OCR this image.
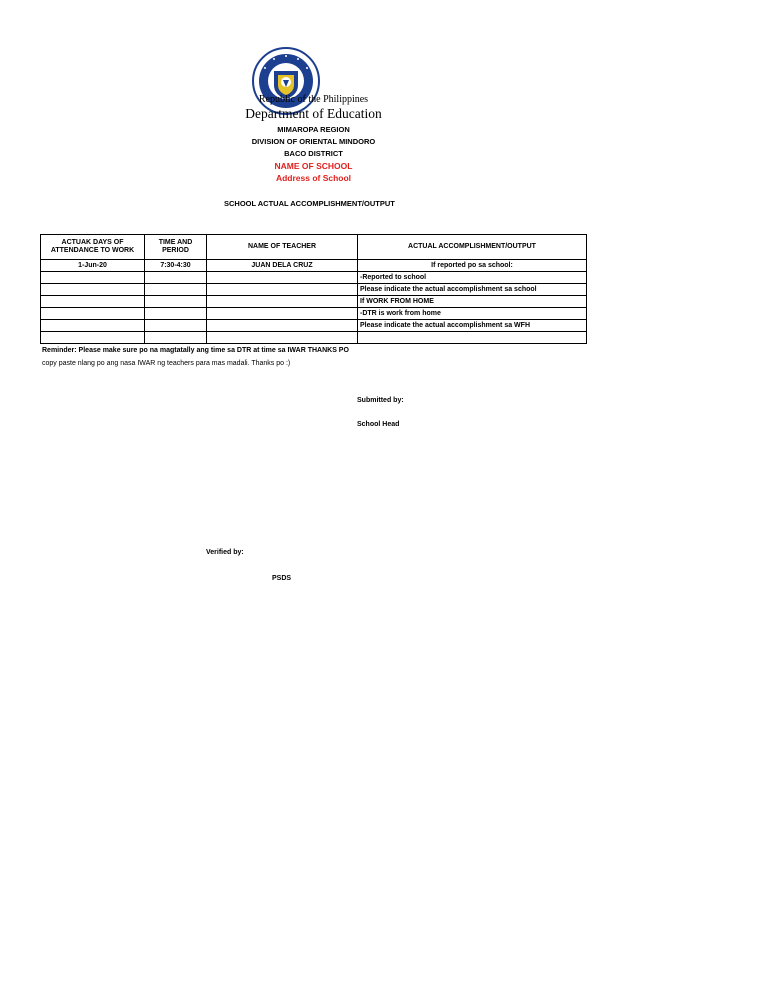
Republic of the Philippines
Department of Education
MIMAROPA REGION
DIVISION OF ORIENTAL MINDORO
BACO DISTRICT
NAME OF SCHOOL
Address of School
SCHOOL ACTUAL ACCOMPLISHMENT/OUTPUT
ACTUAK DAYS OF ATTENDANCE TO WORK	TIME AND PERIOD	NAME OF TEACHER	ACTUAL ACCOMPLISHMENT/OUTPUT
1-Jun-20	7:30-4:30	JUAN DELA CRUZ	If reported po sa school:
			-Reported to school
			Please indicate the actual accomplishment sa school
			If WORK FROM HOME
			-DTR is work from home
			Please indicate the actual accomplishment sa WFH

Reminder: Please make sure po na magtatally ang time sa DTR at time sa IWAR THANKS PO
copy paste nlang po ang nasa IWAR ng teachers para mas madali. Thanks po :)
Submitted by:
School Head
Verified by:
PSDS
